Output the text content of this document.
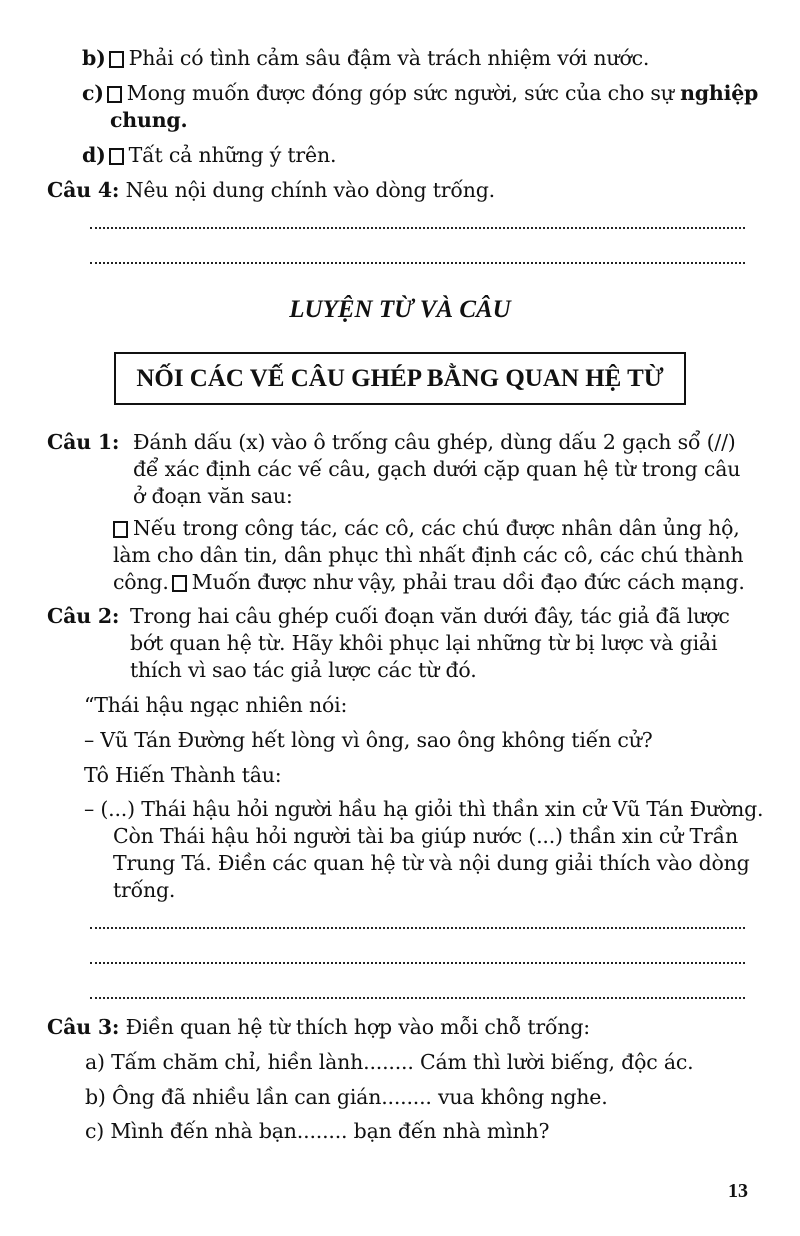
b) Phải có tình cảm sâu đậm và trách nhiệm với nước.
c) Mong muốn được đóng góp sức người, sức của cho sự nghiệp
chung.
d) Tất cả những ý trên.
Câu 4: Nêu nội dung chính vào dòng trống.
LUYỆN TỪ VÀ CÂU
NỐI CÁC VẾ CÂU GHÉP BẰNG QUAN HỆ TỪ
Câu 1: Đánh dấu (x) vào ô trống câu ghép, dùng dấu 2 gạch sổ (//)
để xác định các vế câu, gạch dưới cặp quan hệ từ trong câu
ở đoạn văn sau:
Nếu trong công tác, các cô, các chú được nhân dân ủng hộ,
làm cho dân tin, dân phục thì nhất định các cô, các chú thành
công. Muốn được như vậy, phải trau dồi đạo đức cách mạng.
Câu 2: Trong hai câu ghép cuối đoạn văn dưới đây, tác giả đã lược
bớt quan hệ từ. Hãy khôi phục lại những từ bị lược và giải
thích vì sao tác giả lược các từ đó.
“Thái hậu ngạc nhiên nói:
– Vũ Tán Đường hết lòng vì ông, sao ông không tiến cử?
Tô Hiến Thành tâu:
– (...) Thái hậu hỏi người hầu hạ giỏi thì thần xin cử Vũ Tán Đường.
Còn Thái hậu hỏi người tài ba giúp nước (...) thần xin cử Trần
Trung Tá. Điền các quan hệ từ và nội dung giải thích vào dòng
trống.
Câu 3: Điền quan hệ từ thích hợp vào mỗi chỗ trống:
a) Tấm chăm chỉ, hiền lành........ Cám thì lười biếng, độc ác.
b) Ông đã nhiều lần can gián........ vua không nghe.
c) Mình đến nhà bạn........ bạn đến nhà mình?
13
